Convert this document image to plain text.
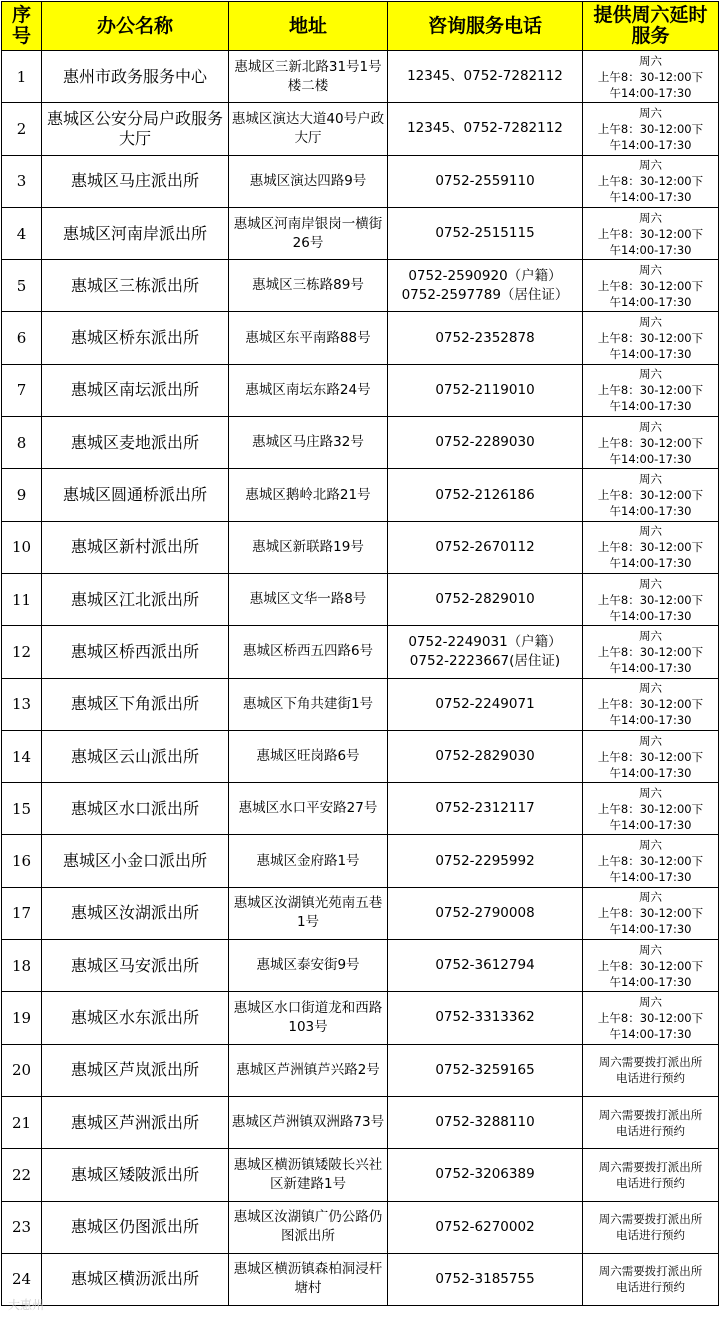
序号	办公名称	地址	咨询服务电话	提供周六延时服务
1	惠州市政务服务中心	惠城区三新北路31号1号楼二楼	12345、0752-7282112	周六
上午8：30-12:00下
午14:00-17:30

2	惠城区公安分局户政服务大厅	惠城区演达大道40号户政大厅	12345、0752-7282112	周六
上午8：30-12:00下
午14:00-17:30

3	惠城区马庄派出所	惠城区演达四路9号	0752-2559110	周六
上午8：30-12:00下
午14:00-17:30

4	惠城区河南岸派出所	惠城区河南岸银岗一横街26号	0752-2515115	周六
上午8：30-12:00下
午14:00-17:30

5	惠城区三栋派出所	惠城区三栋路89号	0752-2590920（户籍）
0752-2597789（居住证）	周六
上午8：30-12:00下
午14:00-17:30

6	惠城区桥东派出所	惠城区东平南路88号	0752-2352878	周六
上午8：30-12:00下
午14:00-17:30

7	惠城区南坛派出所	惠城区南坛东路24号	0752-2119010	周六
上午8：30-12:00下
午14:00-17:30

8	惠城区麦地派出所	惠城区马庄路32号	0752-2289030	周六
上午8：30-12:00下
午14:00-17:30

9	惠城区圆通桥派出所	惠城区鹅岭北路21号	0752-2126186	周六
上午8：30-12:00下
午14:00-17:30

10	惠城区新村派出所	惠城区新联路19号	0752-2670112	周六
上午8：30-12:00下
午14:00-17:30

11	惠城区江北派出所	惠城区文华一路8号	0752-2829010	周六
上午8：30-12:00下
午14:00-17:30

12	惠城区桥西派出所	惠城区桥西五四路6号	0752-2249031（户籍）
0752-2223667(居住证)	周六
上午8：30-12:00下
午14:00-17:30

13	惠城区下角派出所	惠城区下角共建街1号	0752-2249071	周六
上午8：30-12:00下
午14:00-17:30

14	惠城区云山派出所	惠城区旺岗路6号	0752-2829030	周六
上午8：30-12:00下
午14:00-17:30

15	惠城区水口派出所	惠城区水口平安路27号	0752-2312117	周六
上午8：30-12:00下
午14:00-17:30

16	惠城区小金口派出所	惠城区金府路1号	0752-2295992	周六
上午8：30-12:00下
午14:00-17:30

17	惠城区汝湖派出所	惠城区汝湖镇光苑南五巷1号	0752-2790008	周六
上午8：30-12:00下
午14:00-17:30

18	惠城区马安派出所	惠城区泰安街9号	0752-3612794	周六
上午8：30-12:00下
午14:00-17:30

19	惠城区水东派出所	惠城区水口街道龙和西路103号	0752-3313362	周六
上午8：30-12:00下
午14:00-17:30

20	惠城区芦岚派出所	惠城区芦洲镇芦兴路2号	0752-3259165	周六需要拨打派出所
电话进行预约

21	惠城区芦洲派出所	惠城区芦洲镇双洲路73号	0752-3288110	周六需要拨打派出所
电话进行预约

22	惠城区矮陂派出所	惠城区横沥镇矮陂长兴社区新建路1号	0752-3206389	周六需要拨打派出所
电话进行预约

23	惠城区仍图派出所	惠城区汝湖镇广仍公路仍图派出所	0752-6270002	周六需要拨打派出所
电话进行预约

24	惠城区横沥派出所	惠城区横沥镇森柏洞浸杆塘村	0752-3185755	周六需要拨打派出所
电话进行预约
大惠州
